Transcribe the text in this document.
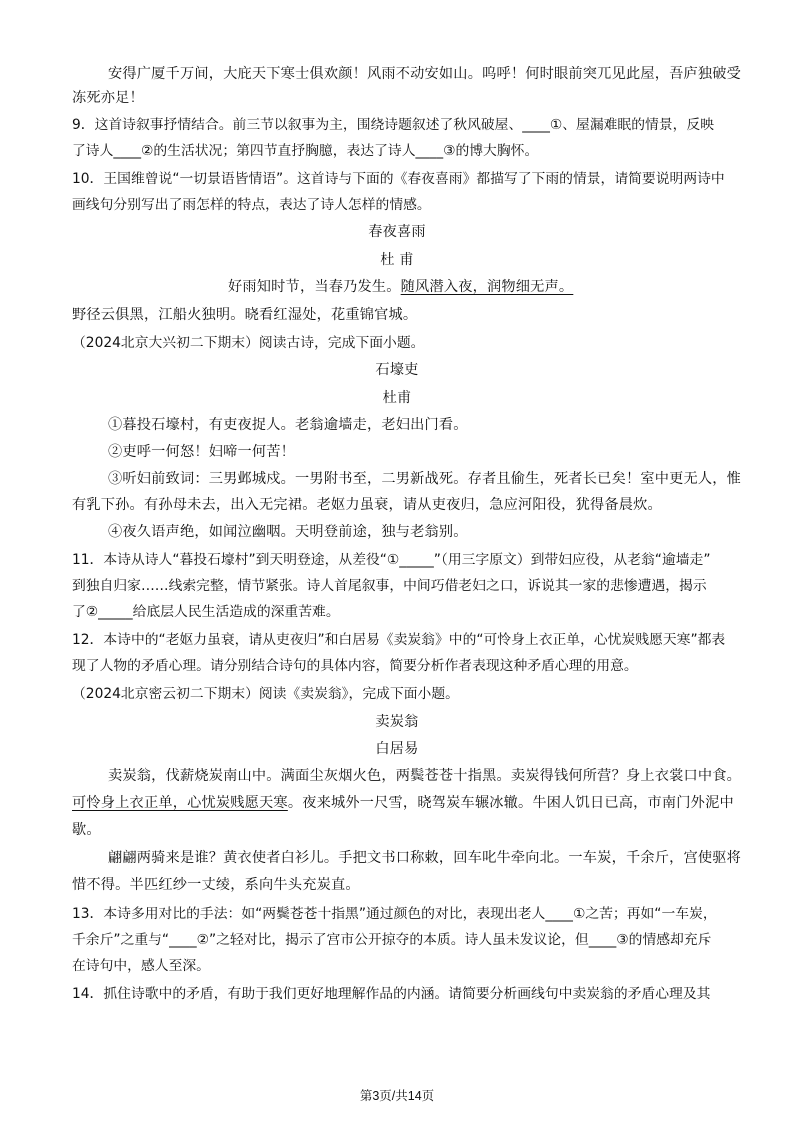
安得广厦千万间，大庇天下寒士俱欢颜！风雨不动安如山。呜呼！何时眼前突兀见此屋，吾庐独破受
冻死亦足！
9．这首诗叙事抒情结合。前三节以叙事为主，围绕诗题叙述了秋风破屋、____①、屋漏难眠的情景，反映
了诗人____②的生活状况；第四节直抒胸臆，表达了诗人____③的博大胸怀。
10．王国维曾说“一切景语皆情语”。这首诗与下面的《春夜喜雨》都描写了下雨的情景，请简要说明两诗中
画线句分别写出了雨怎样的特点，表达了诗人怎样的情感。
春夜喜雨
杜 甫
好雨知时节，当春乃发生。随风潜入夜，润物细无声。
野径云俱黑，江船火独明。晓看红湿处，花重锦官城。
（2024北京大兴初二下期末）阅读古诗，完成下面小题。
石壕吏
杜甫
①暮投石壕村，有吏夜捉人。老翁逾墙走，老妇出门看。
②吏呼一何怒！妇啼一何苦！
③听妇前致词：三男邺城戍。一男附书至，二男新战死。存者且偷生，死者长已矣！室中更无人，惟
有乳下孙。有孙母未去，出入无完裙。老妪力虽衰，请从吏夜归，急应河阳役，犹得备晨炊。
④夜久语声绝，如闻泣幽咽。天明登前途，独与老翁别。
11．本诗从诗人“暮投石壕村”到天明登途，从差役“①_____”（用三字原文）到带妇应役，从老翁“逾墙走”
到独自归家……线索完整，情节紧张。诗人首尾叙事，中间巧借老妇之口，诉说其一家的悲惨遭遇，揭示
了②_____给底层人民生活造成的深重苦难。
12．本诗中的“老妪力虽衰，请从吏夜归”和白居易《卖炭翁》中的“可怜身上衣正单，心忧炭贱愿天寒”都表
现了人物的矛盾心理。请分别结合诗句的具体内容，简要分析作者表现这种矛盾心理的用意。
（2024北京密云初二下期末）阅读《卖炭翁》，完成下面小题。
卖炭翁
白居易
卖炭翁，伐薪烧炭南山中。满面尘灰烟火色，两鬓苍苍十指黑。卖炭得钱何所营？身上衣裳口中食。
可怜身上衣正单，心忧炭贱愿天寒。夜来城外一尺雪，晓驾炭车辗冰辙。牛困人饥日已高，市南门外泥中
歇。
翩翩两骑来是谁？黄衣使者白衫儿。手把文书口称敕，回车叱牛牵向北。一车炭，千余斤，宫使驱将
惜不得。半匹红纱一丈绫，系向牛头充炭直。
13．本诗多用对比的手法：如“两鬓苍苍十指黑”通过颜色的对比，表现出老人____①之苦；再如“一车炭，
千余斤”之重与“____②”之轻对比，揭示了宫市公开掠夺的本质。诗人虽未发议论，但____③的情感却充斥
在诗句中，感人至深。
14．抓住诗歌中的矛盾，有助于我们更好地理解作品的内涵。请简要分析画线句中卖炭翁的矛盾心理及其
第3页/共14页
